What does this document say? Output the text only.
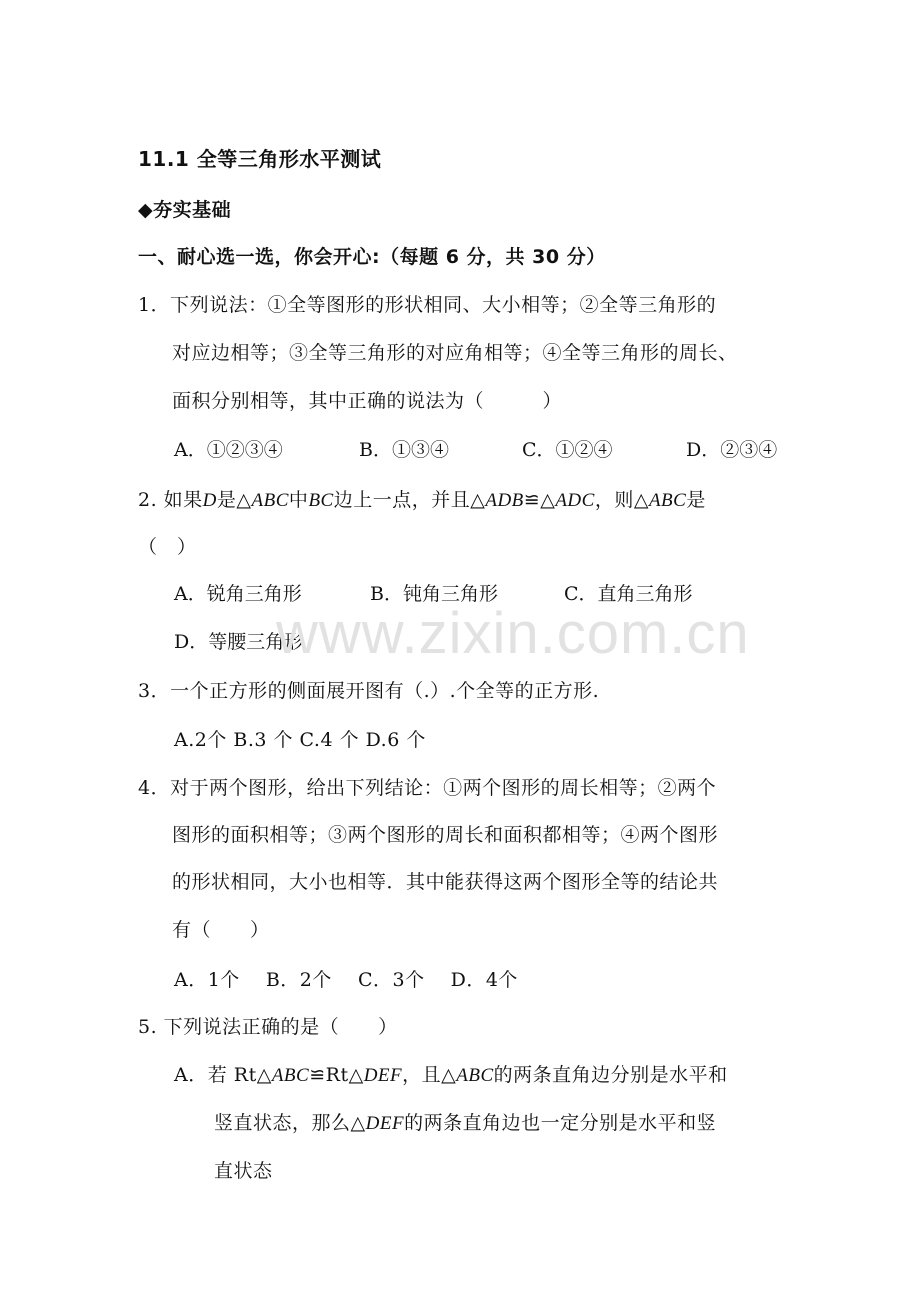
11.1 全等三角形水平测试
◆夯实基础
一、耐心选一选，你会开心:（每题 6 分，共 30 分）
1．下列说法：①全等图形的形状相同、大小相等；②全等三角形的
对应边相等；③全等三角形的对应角相等；④全等三角形的周长、
面积分别相等，其中正确的说法为（　　　）
A．①②③④	B．①③④	C．①②④	D．②③④
2. 如果D是△ABC中BC边上一点，并且△ADB≌△ADC，则△ABC是
（　）
A．锐角三角形	B．钝角三角形	C．直角三角形
D．等腰三角形
3．一个正方形的侧面展开图有（.）.个全等的正方形.
A.2个 B.3 个 C.4 个 D.6 个
4．对于两个图形，给出下列结论：①两个图形的周长相等；②两个
图形的面积相等；③两个图形的周长和面积都相等；④两个图形
的形状相同，大小也相等．其中能获得这两个图形全等的结论共
有（　　）
A．1个　 B．2个　 C．3个　 D．4个
5. 下列说法正确的是（　　）
A．若 Rt△ABC≌Rt△DEF，且△ABC的两条直角边分别是水平和
竖直状态，那么△DEF的两条直角边也一定分别是水平和竖
直状态
www.zixin.com.cn
